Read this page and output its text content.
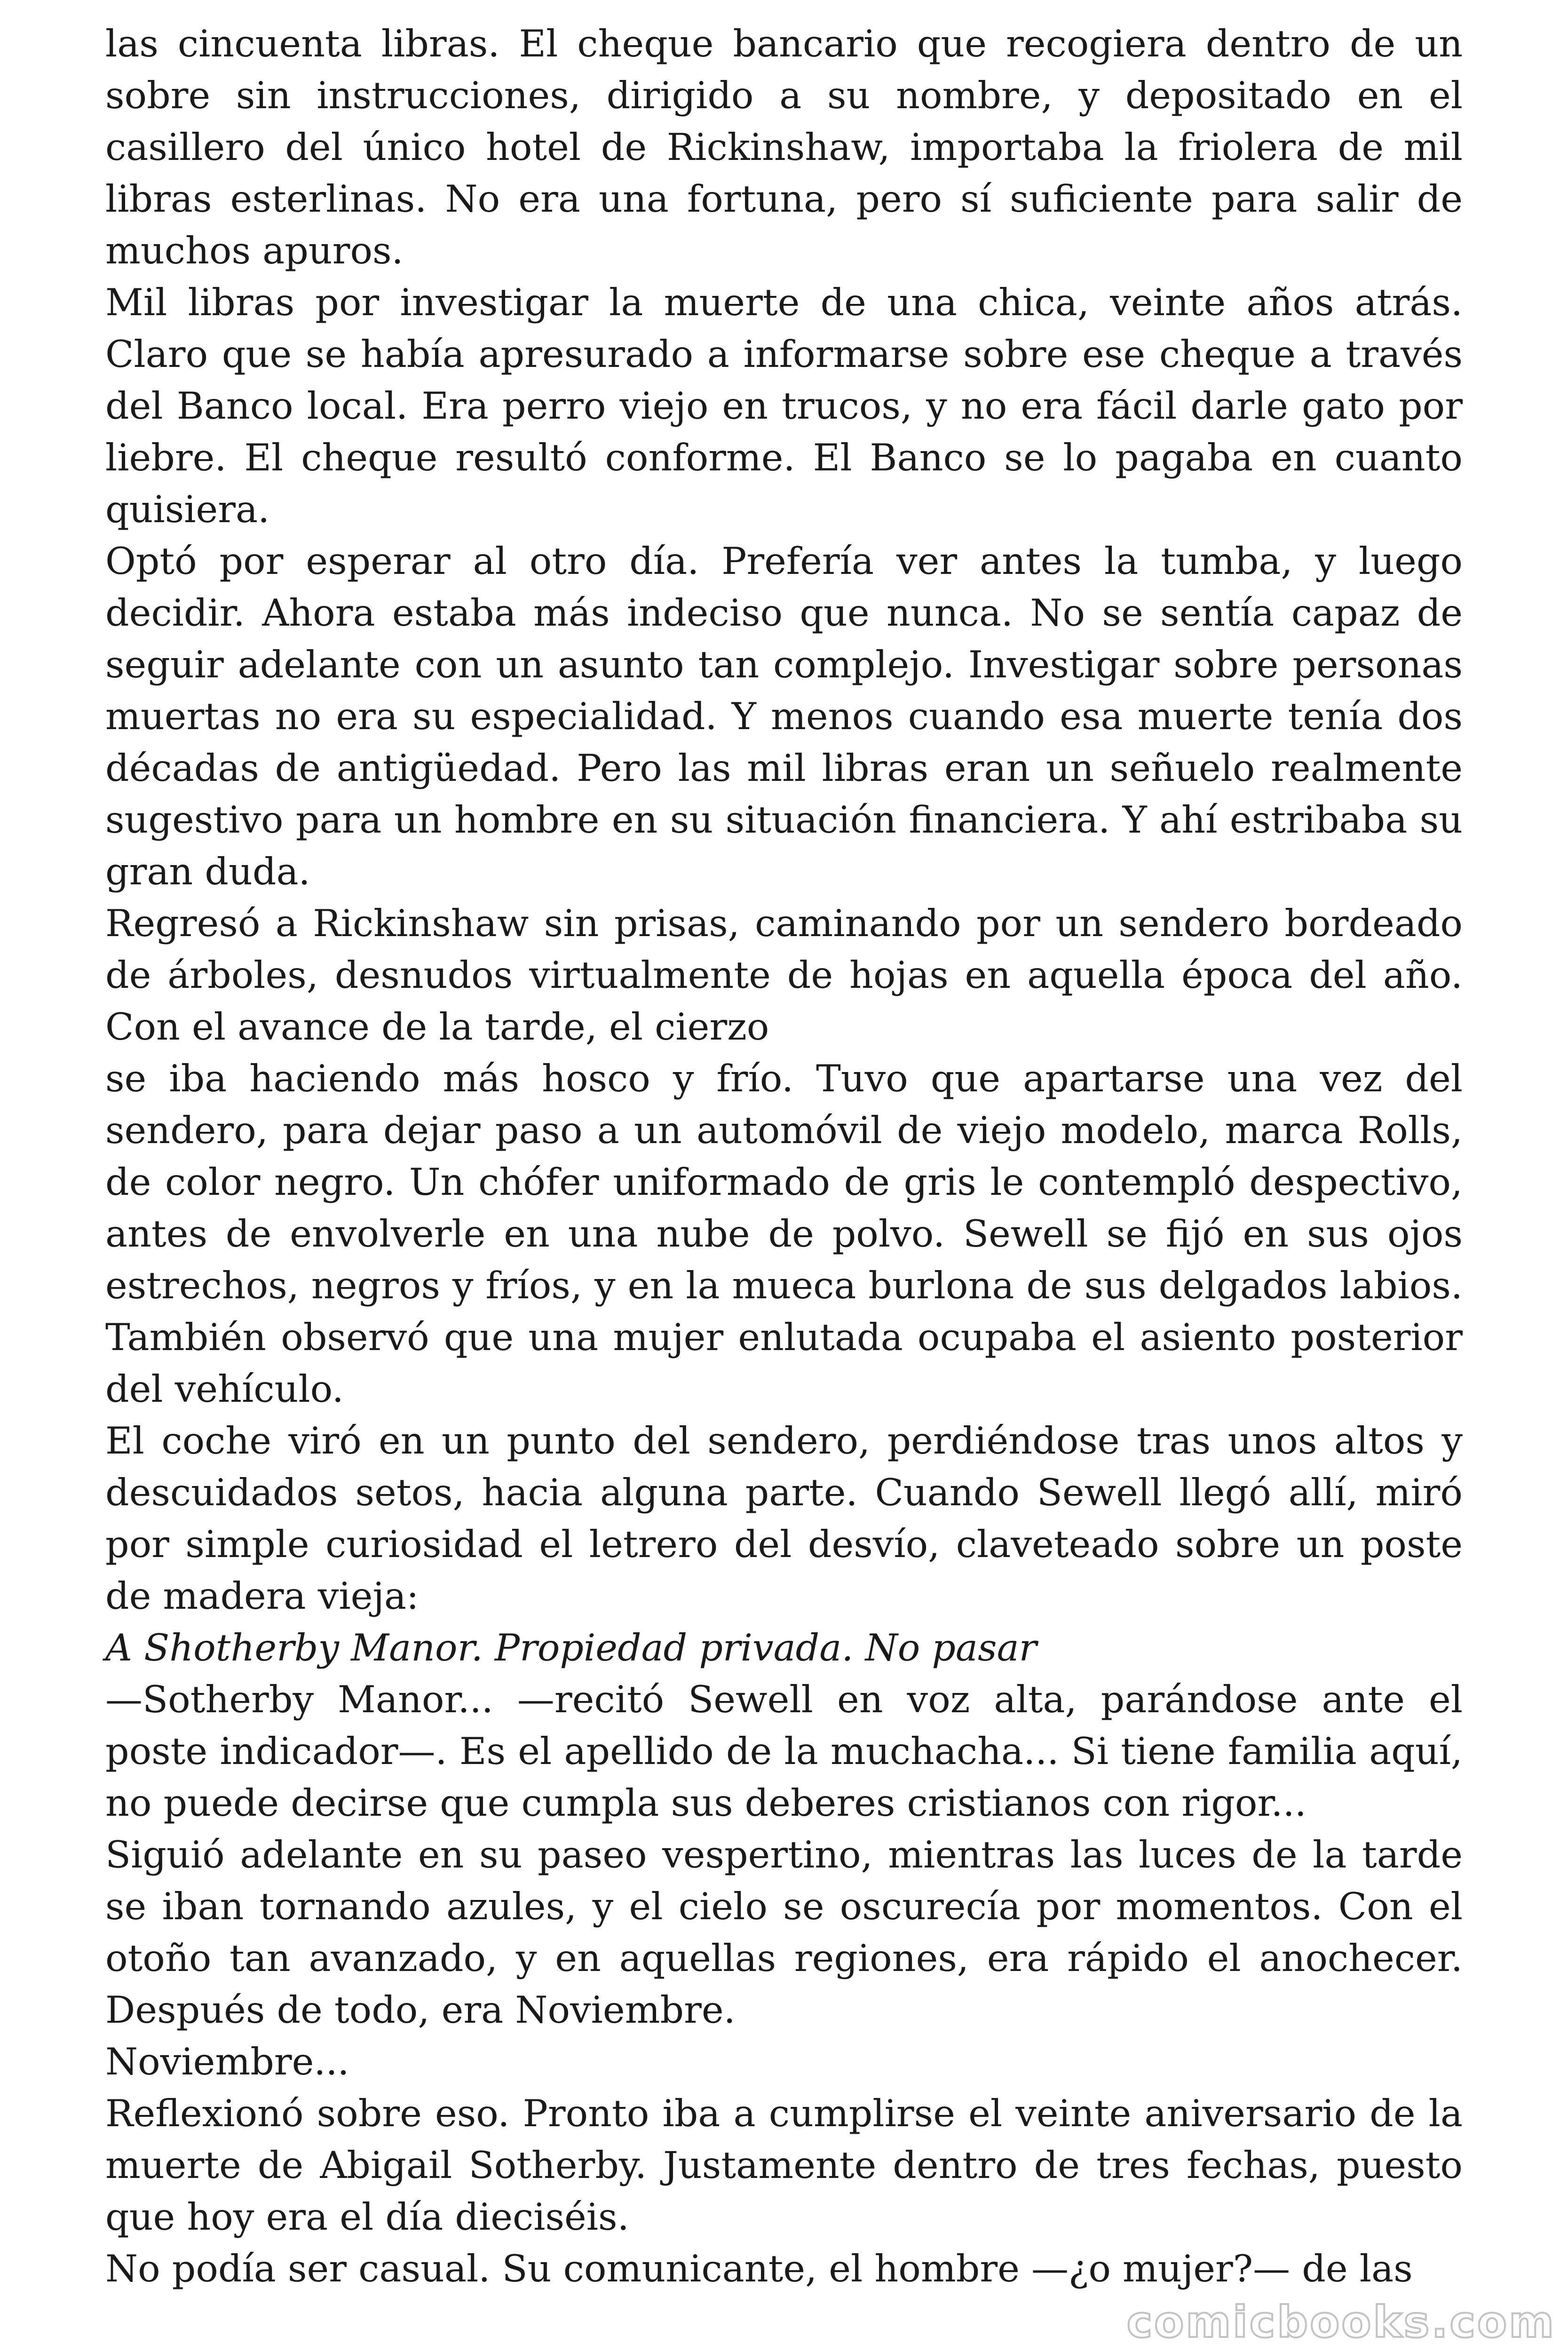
las cincuenta libras. El cheque bancario que recogiera dentro de un sobre sin instrucciones, dirigido a su nombre, y depositado en el casillero del único hotel de Rickinshaw, importaba la friolera de mil libras esterlinas. No era una fortuna, pero sí suficiente para salir de muchos apuros.

Mil libras por investigar la muerte de una chica, veinte años atrás. Claro que se había apresurado a informarse sobre ese cheque a través del Banco local. Era perro viejo en trucos, y no era fácil darle gato por liebre. El cheque resultó conforme. El Banco se lo pagaba en cuanto quisiera.

Optó por esperar al otro día. Prefería ver antes la tumba, y luego decidir. Ahora estaba más indeciso que nunca. No se sentía capaz de seguir adelante con un asunto tan complejo. Investigar sobre personas muertas no era su especialidad. Y menos cuando esa muerte tenía dos décadas de antigüedad. Pero las mil libras eran un señuelo realmente sugestivo para un hombre en su situación financiera. Y ahí estribaba su gran duda.

Regresó a Rickinshaw sin prisas, caminando por un sendero bordeado de árboles, desnudos virtualmente de hojas en aquella época del año. Con el avance de la tarde, el cierzo

se iba haciendo más hosco y frío. Tuvo que apartarse una vez del sendero, para dejar paso a un automóvil de viejo modelo, marca Rolls, de color negro. Un chófer uniformado de gris le contempló despectivo, antes de envolverle en una nube de polvo. Sewell se fijó en sus ojos estrechos, negros y fríos, y en la mueca burlona de sus delgados labios. También observó que una mujer enlutada ocupaba el asiento posterior del vehículo.

El coche viró en un punto del sendero, perdiéndose tras unos altos y descuidados setos, hacia alguna parte. Cuando Sewell llegó allí, miró por simple curiosidad el letrero del desvío, claveteado sobre un poste de madera vieja:

A Shotherby Manor. Propiedad privada. No pasar

—Sotherby Manor... —recitó Sewell en voz alta, parándose ante el poste indicador—. Es el apellido de la muchacha... Si tiene familia aquí, no puede decirse que cumpla sus deberes cristianos con rigor...

Siguió adelante en su paseo vespertino, mientras las luces de la tarde se iban tornando azules, y el cielo se oscurecía por momentos. Con el otoño tan avanzado, y en aquellas regiones, era rápido el anochecer. Después de todo, era Noviembre.

Noviembre...

Reflexionó sobre eso. Pronto iba a cumplirse el veinte aniversario de la muerte de Abigail Sotherby. Justamente dentro de tres fechas, puesto que hoy era el día dieciséis.

No podía ser casual. Su comunicante, el hombre —¿o mujer?— de las

comicbooks.com
